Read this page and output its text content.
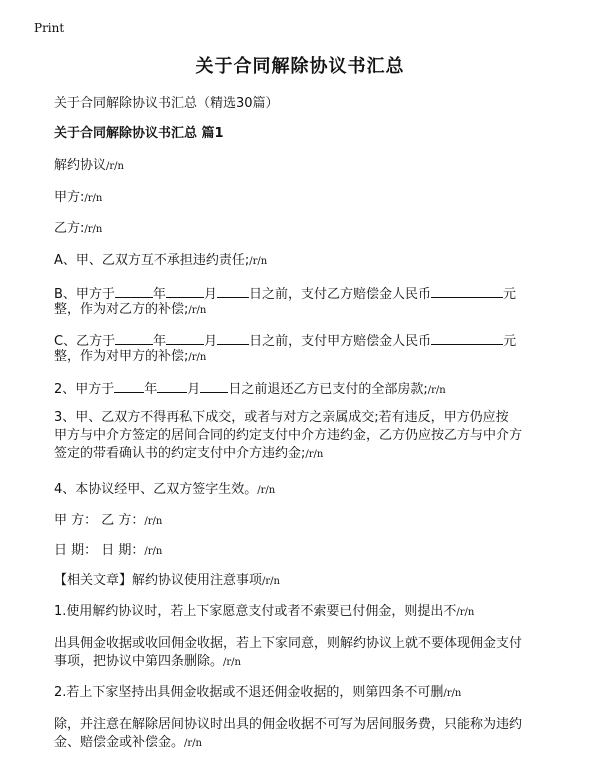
Print
关于合同解除协议书汇总
关于合同解除协议书汇总（精选30篇）
关于合同解除协议书汇总 篇1
解约协议/r/n
甲方:/r/n
乙方:/r/n
A、甲、乙双方互不承担违约责任;/r/n
B、甲方于	年	月 日之前，支付乙方赔偿金人民币	元
整，作为对乙方的补偿;/r/n
C、乙方于	年	月 日之前，支付甲方赔偿金人民币	元
整，作为对甲方的补偿;/r/n
2、甲方于 年 月 日之前退还乙方已支付的全部房款;/r/n
3、甲、乙双方不得再私下成交，或者与对方之亲属成交;若有违反，甲方仍应按
甲方与中介方签定的居间合同的约定支付中介方违约金，乙方仍应按乙方与中介方
签定的带看确认书的约定支付中介方违约金;/r/n
4、本协议经甲、乙双方签字生效。/r/n
甲 方： 乙 方：/r/n
日 期： 日 期：/r/n
【相关文章】解约协议使用注意事项/r/n
1.使用解约协议时，若上下家愿意支付或者不索要已付佣金，则提出不/r/n
出具佣金收据或收回佣金收据，若上下家同意，则解约协议上就不要体现佣金支付
事项，把协议中第四条删除。/r/n
2.若上下家坚持出具佣金收据或不退还佣金收据的，则第四条不可删/r/n
除，并注意在解除居间协议时出具的佣金收据不可写为居间服务费，只能称为违约
金、赔偿金或补偿金。/r/n
